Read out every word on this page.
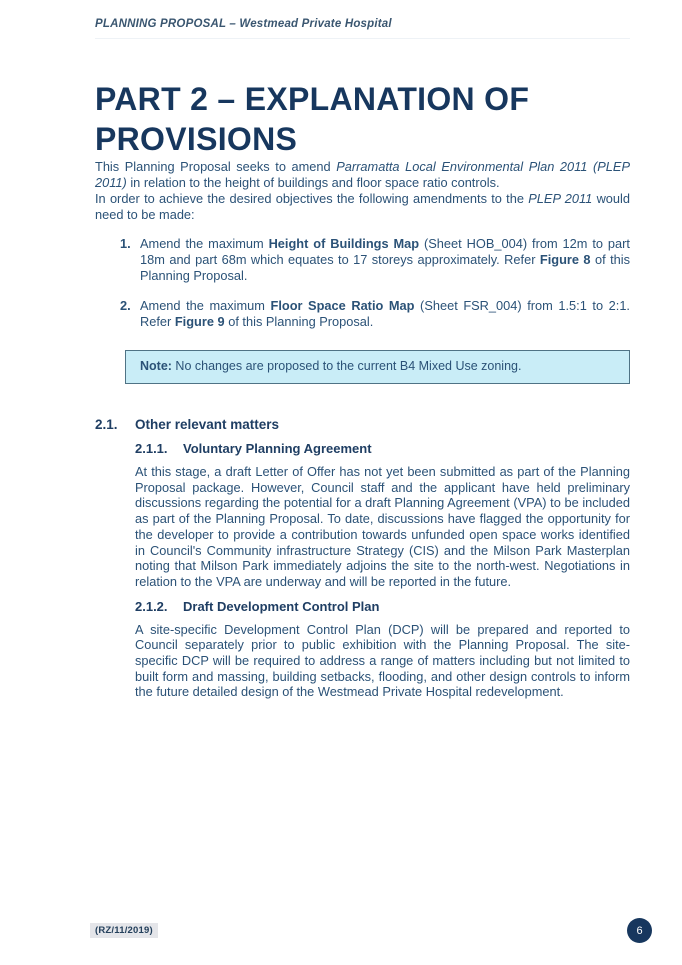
PLANNING PROPOSAL – Westmead Private Hospital
PART 2 – EXPLANATION OF PROVISIONS

This Planning Proposal seeks to amend Parramatta Local Environmental Plan 2011 (PLEP 2011) in relation to the height of buildings and floor space ratio controls.

In order to achieve the desired objectives the following amendments to the PLEP 2011 would need to be made:

1. Amend the maximum Height of Buildings Map (Sheet HOB_004) from 12m to part 18m and part 68m which equates to 17 storeys approximately. Refer Figure 8 of this Planning Proposal.
2. Amend the maximum Floor Space Ratio Map (Sheet FSR_004) from 1.5:1 to 2:1. Refer Figure 9 of this Planning Proposal.
Note: No changes are proposed to the current B4 Mixed Use zoning.
2.1.	Other relevant matters
2.1.1.	Voluntary Planning Agreement

At this stage, a draft Letter of Offer has not yet been submitted as part of the Planning Proposal package. However, Council staff and the applicant have held preliminary discussions regarding the potential for a draft Planning Agreement (VPA) to be included as part of the Planning Proposal. To date, discussions have flagged the opportunity for the developer to provide a contribution towards unfunded open space works identified in Council's Community infrastructure Strategy (CIS) and the Milson Park Masterplan noting that Milson Park immediately adjoins the site to the north-west. Negotiations in relation to the VPA are underway and will be reported in the future.

2.1.2.	Draft Development Control Plan

A site-specific Development Control Plan (DCP) will be prepared and reported to Council separately prior to public exhibition with the Planning Proposal. The site-specific DCP will be required to address a range of matters including but not limited to built form and massing, building setbacks, flooding, and other design controls to inform the future detailed design of the Westmead Private Hospital redevelopment.

(RZ/11/2019)	6
